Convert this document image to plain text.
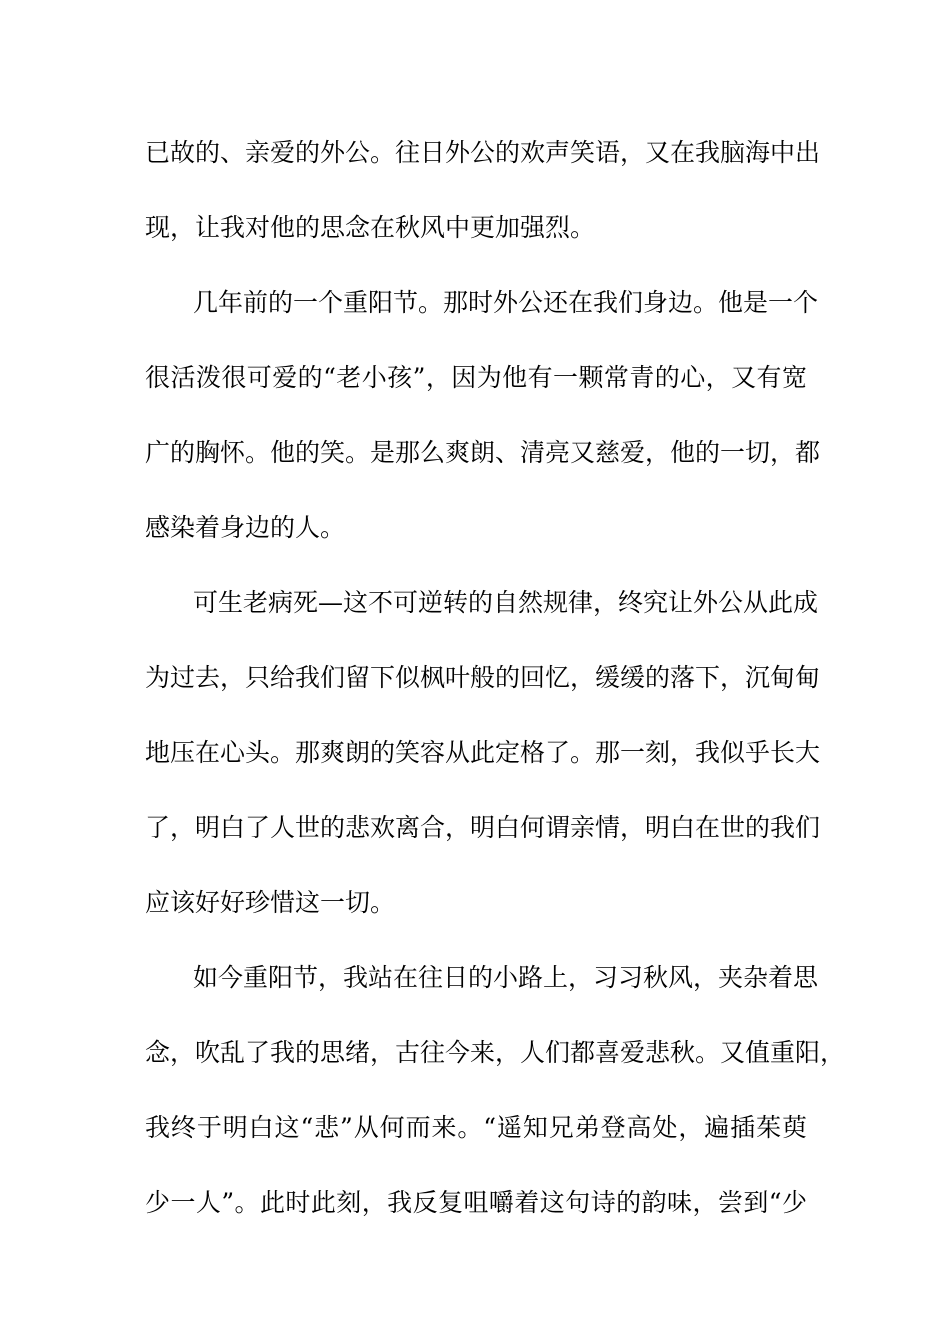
已故的、亲爱的外公。往日外公的欢声笑语，又在我脑海中出
现，让我对他的思念在秋风中更加强烈。
几年前的一个重阳节。那时外公还在我们身边。他是一个
很活泼很可爱的“老小孩”，因为他有一颗常青的心，又有宽
广的胸怀。他的笑。是那么爽朗、清亮又慈爱，他的一切，都
感染着身边的人。
可生老病死—这不可逆转的自然规律，终究让外公从此成
为过去，只给我们留下似枫叶般的回忆，缓缓的落下，沉甸甸
地压在心头。那爽朗的笑容从此定格了。那一刻，我似乎长大
了，明白了人世的悲欢离合，明白何谓亲情，明白在世的我们
应该好好珍惜这一切。
如今重阳节，我站在往日的小路上，习习秋风，夹杂着思
念，吹乱了我的思绪，古往今来，人们都喜爱悲秋。又值重阳，
我终于明白这“悲”从何而来。“遥知兄弟登高处，遍插茱萸
少一人”。此时此刻，我反复咀嚼着这句诗的韵味，尝到“少
